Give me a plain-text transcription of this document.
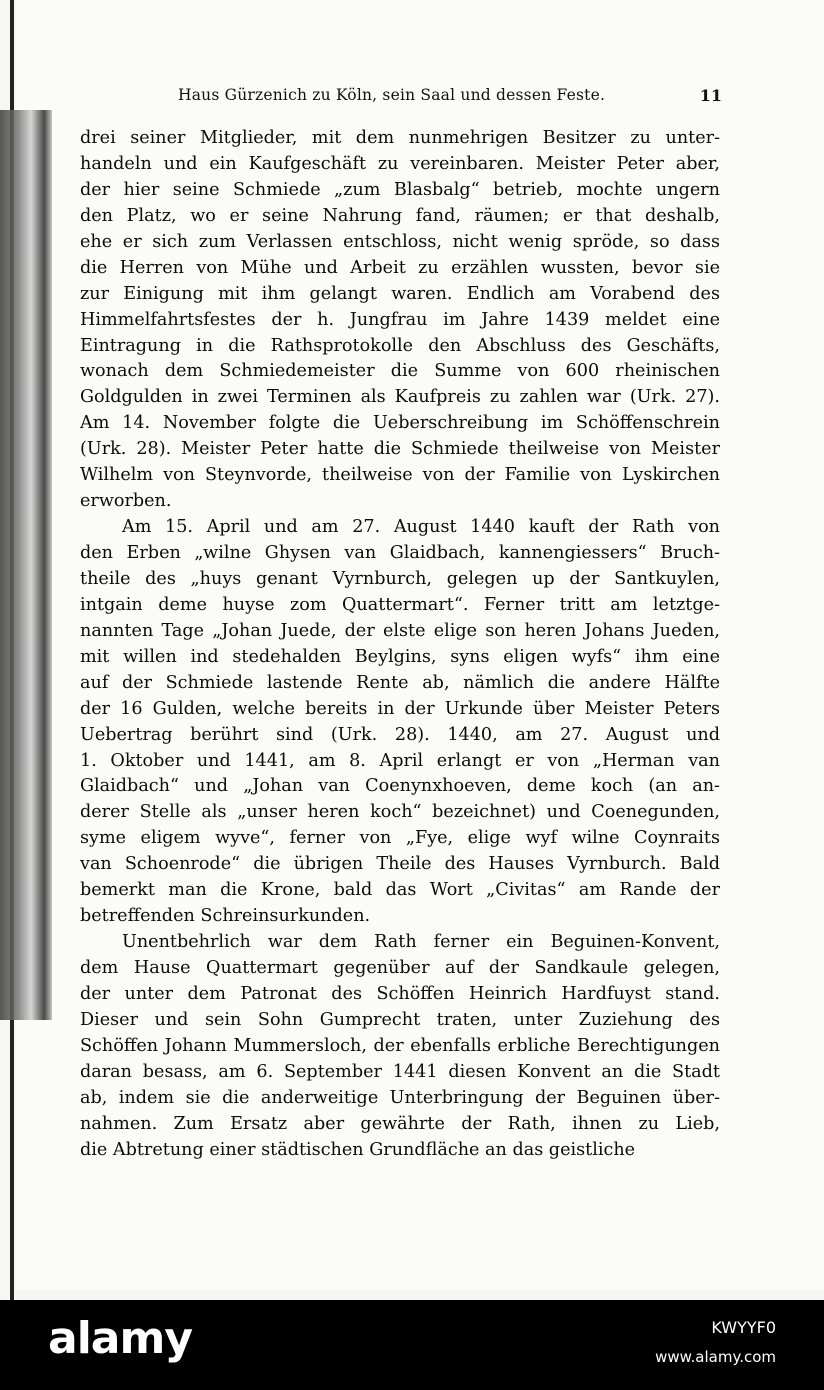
Haus Gürzenich zu Köln, sein Saal und dessen Feste.	11
drei seiner Mitglieder, mit dem nunmehrigen Besitzer zu unter-
handeln und ein Kaufgeschäft zu vereinbaren. Meister Peter aber,
der hier seine Schmiede „zum Blasbalg“ betrieb, mochte ungern
den Platz, wo er seine Nahrung fand, räumen; er that deshalb,
ehe er sich zum Verlassen entschloss, nicht wenig spröde, so dass
die Herren von Mühe und Arbeit zu erzählen wussten, bevor sie
zur Einigung mit ihm gelangt waren. Endlich am Vorabend des
Himmelfahrtsfestes der h. Jungfrau im Jahre 1439 meldet eine
Eintragung in die Rathsprotokolle den Abschluss des Geschäfts,
wonach dem Schmiedemeister die Summe von 600 rheinischen
Goldgulden in zwei Terminen als Kaufpreis zu zahlen war (Urk. 27).
Am 14. November folgte die Ueberschreibung im Schöffenschrein
(Urk. 28). Meister Peter hatte die Schmiede theilweise von Meister
Wilhelm von Steynvorde, theilweise von der Familie von Lyskirchen
erworben.
Am 15. April und am 27. August 1440 kauft der Rath von
den Erben „wilne Ghysen van Glaidbach, kannengiessers“ Bruch-
theile des „huys genant Vyrnburch, gelegen up der Santkuylen,
intgain deme huyse zom Quattermart“. Ferner tritt am letztge-
nannten Tage „Johan Juede, der elste elige son heren Johans Jueden,
mit willen ind stedehalden Beylgins, syns eligen wyfs“ ihm eine
auf der Schmiede lastende Rente ab, nämlich die andere Hälfte
der 16 Gulden, welche bereits in der Urkunde über Meister Peters
Uebertrag berührt sind (Urk. 28). 1440, am 27. August und
1. Oktober und 1441, am 8. April erlangt er von „Herman van
Glaidbach“ und „Johan van Coenynxhoeven, deme koch (an an-
derer Stelle als „unser heren koch“ bezeichnet) und Coenegunden,
syme eligem wyve“, ferner von „Fye, elige wyf wilne Coynraits
van Schoenrode“ die übrigen Theile des Hauses Vyrnburch. Bald
bemerkt man die Krone, bald das Wort „Civitas“ am Rande der
betreffenden Schreinsurkunden.
Unentbehrlich war dem Rath ferner ein Beguinen-Konvent,
dem Hause Quattermart gegenüber auf der Sandkaule gelegen,
der unter dem Patronat des Schöffen Heinrich Hardfuyst stand.
Dieser und sein Sohn Gumprecht traten, unter Zuziehung des
Schöffen Johann Mummersloch, der ebenfalls erbliche Berechtigungen
daran besass, am 6. September 1441 diesen Konvent an die Stadt
ab, indem sie die anderweitige Unterbringung der Beguinen über-
nahmen. Zum Ersatz aber gewährte der Rath, ihnen zu Lieb,
die Abtretung einer städtischen Grundfläche an das geistliche
alamy	KWYYF0
www.alamy.com
